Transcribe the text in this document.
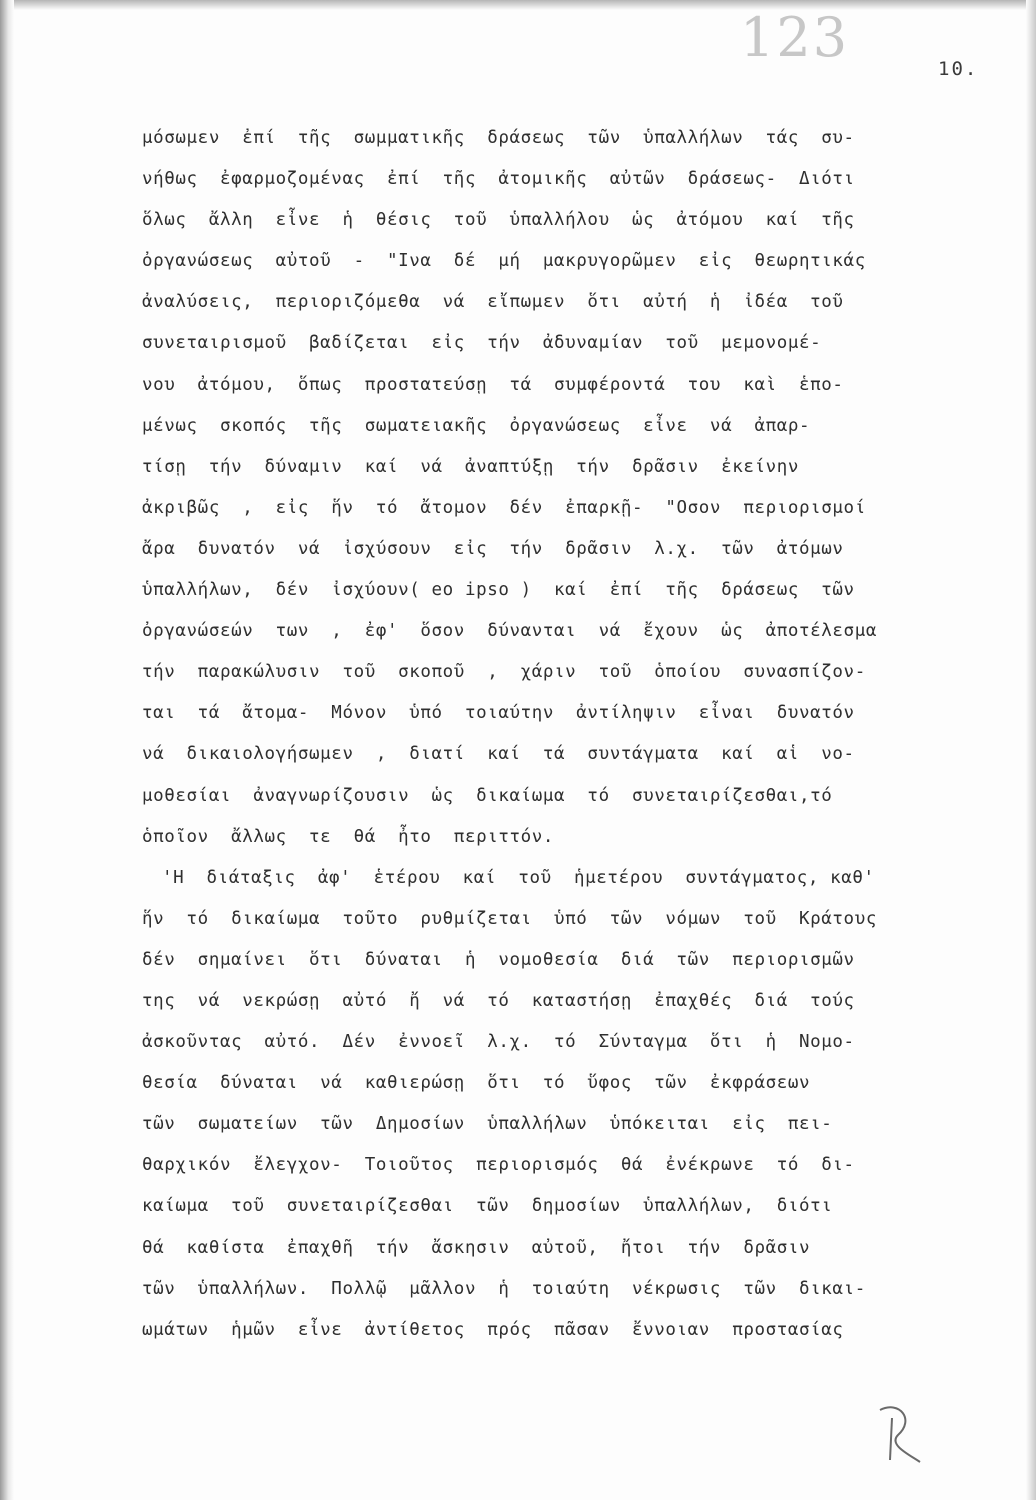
123	10.
μόσωμεν  ἐπί  τῆς  σωμματικῆς  δράσεως  τῶν  ὑπαλλήλων  τάς  συ-
νήθως  ἐφαρμοζομένας  ἐπί  τῆς  ἀτομικῆς  αὐτῶν  δράσεως-  Διότι
ὅλως  ἄλλη  εἶνε  ἡ  θέσις  τοῦ  ὑπαλλήλου  ὡς  ἀτόμου  καί  τῆς
ὀργανώσεως  αὐτοῦ  -  "Ινα  δέ  μή  μακρυγορῶμεν  εἰς  θεωρητικάς
ἀναλύσεις,  περιοριζόμεθα  νά  εἴπωμεν  ὅτι  αὐτή  ἡ  ἰδέα  τοῦ
συνεταιρισμοῦ  βαδίζεται  εἰς  τήν  ἀδυναμίαν  τοῦ  μεμονομέ-
νου  ἀτόμου,  ὅπως  προστατεύσῃ  τά  συμφέροντά  του  καὶ  ἑπο-
μένως  σκοπός  τῆς  σωματειακῆς  ὀργανώσεως  εἶνε  νά  ἀπαρ-
τίσῃ  τήν  δύναμιν  καί  νά  ἀναπτύξῃ  τήν  δρᾶσιν  ἐκείνην
ἀκριβῶς  ,  εἰς  ἥν  τό  ἄτομον  δέν  ἐπαρκῇ-  "Οσον  περιορισμοί
ἄρα  δυνατόν  νά  ἰσχύσουν  εἰς  τήν  δρᾶσιν  λ.χ.  τῶν  ἀτόμων
ὑπαλλήλων,  δέν  ἰσχύουν( eo ipso )  καί  ἐπί  τῆς  δράσεως  τῶν
ὀργανώσεών  των  ,  ἐφ'  ὅσον  δύνανται  νά  ἔχουν  ὡς  ἀποτέλεσμα
τήν  παρακώλυσιν  τοῦ  σκοποῦ  ,  χάριν  τοῦ  ὁποίου  συνασπίζον-
ται  τά  ἄτομα-  Μόνον  ὑπό  τοιαύτην  ἀντίληψιν  εἶναι  δυνατόν
νά  δικαιολογήσωμεν  ,  διατί  καί  τά  συντάγματα  καί  αἱ  νο-
μοθεσίαι  ἀναγνωρίζουσιν  ὡς  δικαίωμα  τό  συνεταιρίζεσθαι,τό
ὁποῖον  ἄλλως  τε  θά  ἦτο  περιττόν.
'Η  διάταξις  ἀφ'  ἑτέρου  καί  τοῦ  ἡμετέρου  συντάγματος, καθ'
ἥν  τό  δικαίωμα  τοῦτο  ρυθμίζεται  ὑπό  τῶν  νόμων  τοῦ  Κράτους
δέν  σημαίνει  ὅτι  δύναται  ἡ  νομοθεσία  διά  τῶν  περιορισμῶν
της  νά  νεκρώσῃ  αὐτό  ἤ  νά  τό  καταστήσῃ  ἐπαχθές  διά  τούς
ἀσκοῦντας  αὐτό.  Δέν  ἐννοεῖ  λ.χ.  τό  Σύνταγμα  ὅτι  ἡ  Νομο-
θεσία  δύναται  νά  καθιερώσῃ  ὅτι  τό  ὕφος  τῶν  ἐκφράσεων
τῶν  σωματείων  τῶν  Δημοσίων  ὑπαλλήλων  ὑπόκειται  εἰς  πει-
θαρχικόν  ἔλεγχον-  Τοιοῦτος  περιορισμός  θά  ἐνέκρωνε  τό  δι-
καίωμα  τοῦ  συνεταιρίζεσθαι  τῶν  δημοσίων  ὑπαλλήλων,  διότι
θά  καθίστα  ἐπαχθῆ  τήν  ἄσκησιν  αὐτοῦ,  ἤτοι  τήν  δρᾶσιν
τῶν  ὑπαλλήλων.  Πολλῷ  μᾶλλον  ἡ  τοιαύτη  νέκρωσις  τῶν  δικαι-
ωμάτων  ἡμῶν  εἶνε  ἀντίθετος  πρός  πᾶσαν  ἔννοιαν  προστασίας
